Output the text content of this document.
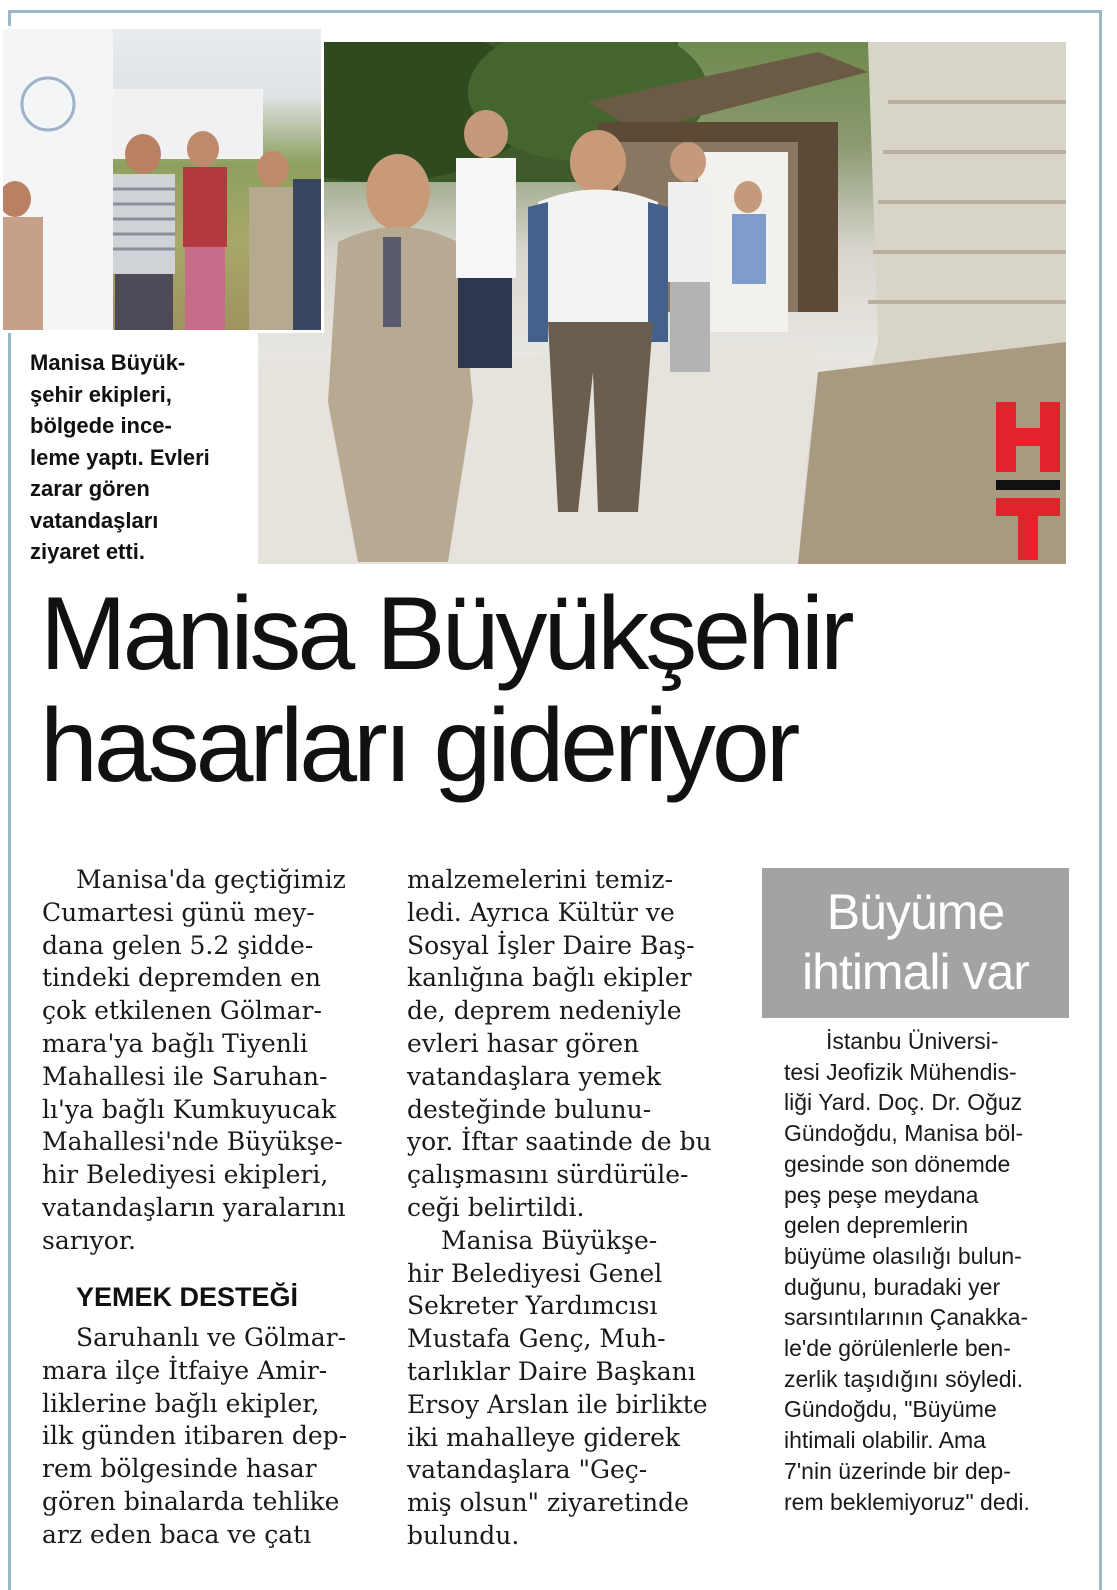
Manisa Büyük-
şehir ekipleri,
bölgede ince-
leme yaptı. Evleri
zarar gören
vatandaşları
ziyaret etti.

Manisa Büyükşehir
hasarları gideriyor

Manisa'da geçtiğimiz
Cumartesi günü mey-
dana gelen 5.2 şidde-
tindeki depremden en
çok etkilenen Gölmar-
mara'ya bağlı Tiyenli
Mahallesi ile Saruhan-
lı'ya bağlı Kumkuyucak
Mahallesi'nde Büyükşe-
hir Belediyesi ekipleri,
vatandaşların yaralarını
sarıyor.

YEMEK DESTEĞİ

Saruhanlı ve Gölmar-
mara ilçe İtfaiye Amir-
liklerine bağlı ekipler,
ilk günden itibaren dep-
rem bölgesinde hasar
gören binalarda tehlike
arz eden baca ve çatı

malzemelerini temiz-
ledi. Ayrıca Kültür ve
Sosyal İşler Daire Baş-
kanlığına bağlı ekipler
de, deprem nedeniyle
evleri hasar gören
vatandaşlara yemek
desteğinde bulunu-
yor. İftar saatinde de bu
çalışmasını sürdürüle-
ceği belirtildi.

Manisa Büyükşe-
hir Belediyesi Genel
Sekreter Yardımcısı
Mustafa Genç, Muh-
tarlıklar Daire Başkanı
Ersoy Arslan ile birlikte
iki mahalleye giderek
vatandaşlara "Geç-
miş olsun" ziyaretinde
bulundu.

Büyüme
ihtimali var

İstanbu Üniversi-
tesi Jeofizik Mühendis-
liği Yard. Doç. Dr. Oğuz
Gündoğdu, Manisa böl-
gesinde son dönemde
peş peşe meydana
gelen depremlerin
büyüme olasılığı bulun-
duğunu, buradaki yer
sarsıntılarının Çanakka-
le'de görülenlerle ben-
zerlik taşıdığını söyledi.
Gündoğdu, "Büyüme
ihtimali olabilir. Ama
7'nin üzerinde bir dep-
rem beklemiyoruz" dedi.
